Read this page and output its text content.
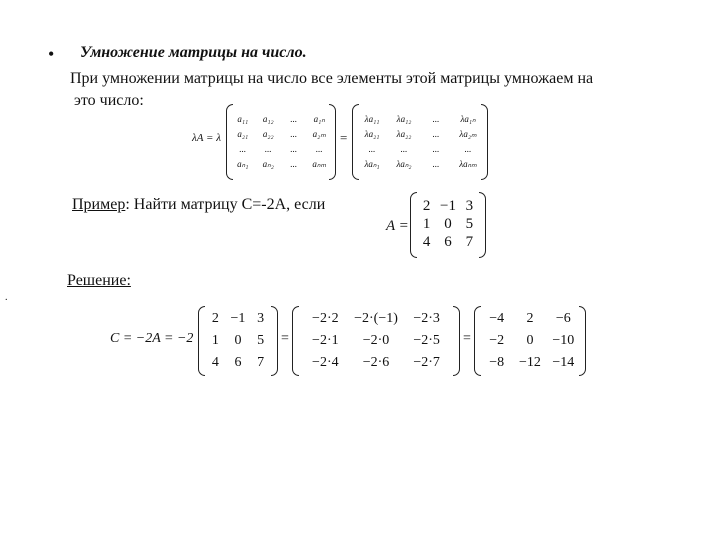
• Умножение матрицы на число.
При умножении матрицы на число все элементы этой матрицы умножаем на
это число:
λA = λ
a₁₁	a₁₂	...	a₁ₙ
a₂₁	a₂₂	...	a₂ₘ
...	...	...	...
aₙ₁	aₙ₂	...	aₙₘ
=
λa₁₁	λa₁₂	...	λa₁ₙ
λa₂₁	λa₂₂	...	λa₂ₘ
...	...	...	...
λaₙ₁	λaₙ₂	...	λaₙₘ
Пример: Найти матрицу С=-2А, если
A =
2 −1 3
1 0 5
4 6 7
Решение:
.
C = −2A = −2
2 −1 3
1	0	5
4	6	7
=
−2·2	−2·(−1)	−2·3
−2·1	−2·0	−2·5
−2·4	−2·6	−2·7
=
−4	2	−6
−2	0	−10
−8	−12 −14
